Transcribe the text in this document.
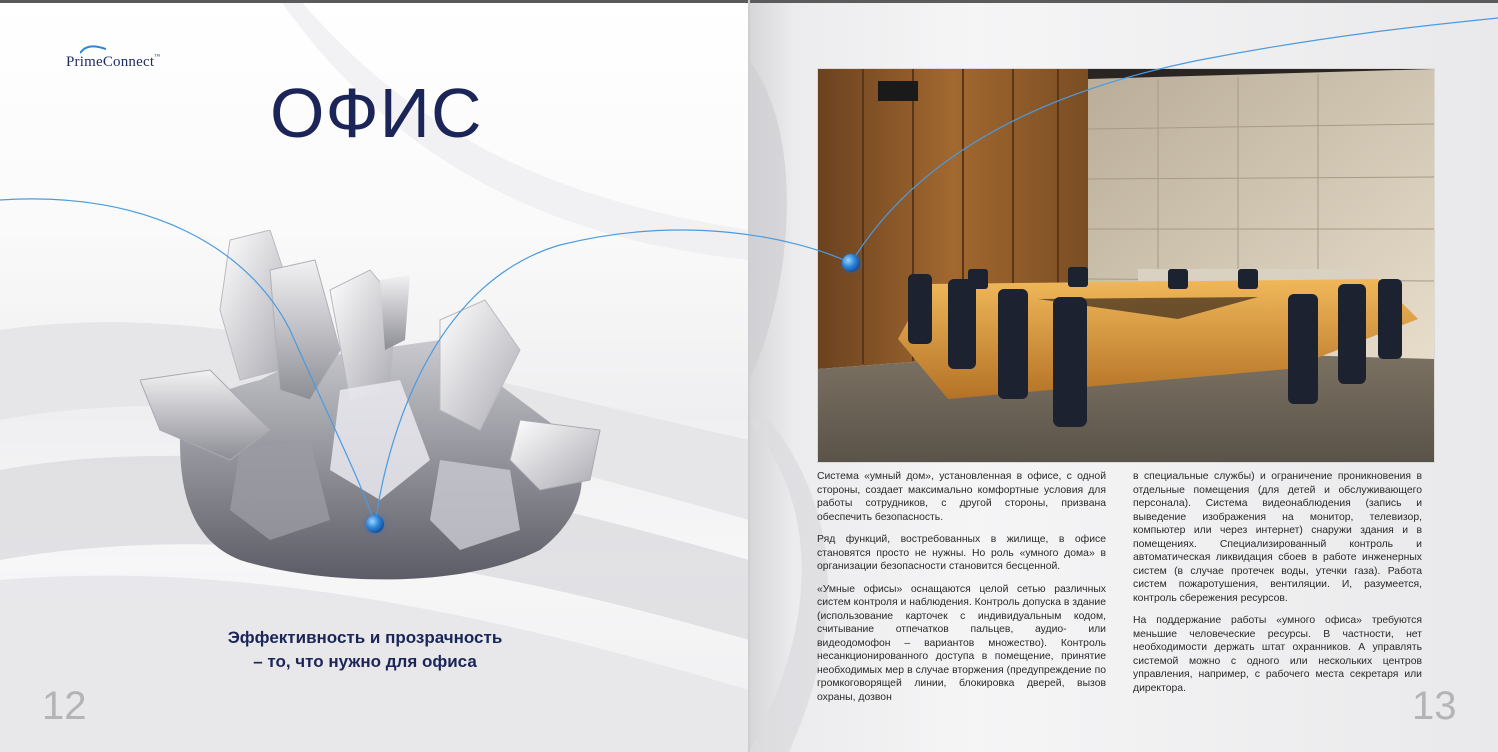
PrimeConnect™
ОФИС
Эффективность и прозрачность
– то, что нужно для офиса
12

Система «умный дом», установленная в офисе, с одной стороны, создает максимально комфортные условия для работы сотрудников, с другой стороны, призвана обеспечить безопасность.

Ряд функций, востребованных в жилище, в офисе становятся просто не нужны. Но роль «умного дома» в организации безопасности становится бесценной.

«Умные офисы» оснащаются целой сетью различных систем контроля и наблюдения. Контроль допуска в здание (использование карточек с индивидуальным кодом, считывание отпечатков пальцев, аудио- или видеодомофон – вариантов множество). Контроль несанкционированного доступа в помещение, принятие необходимых мер в случае вторжения (предупреждение по громкоговорящей линии, блокировка дверей, вызов охраны, дозвон

в специальные службы) и ограничение проникновения в отдельные помещения (для детей и обслуживающего персонала). Система видеонаблюдения (запись и выведение изображения на монитор, телевизор, компьютер или через интернет) снаружи здания и в помещениях. Специализированный контроль и автоматическая ликвидация сбоев в работе инженерных систем (в случае протечек воды, утечки газа). Работа систем пожаротушения, вентиляции. И, разумеется, контроль сбережения ресурсов.

На поддержание работы «умного офиса» требуются меньшие человеческие ресурсы. В частности, нет необходимости держать штат охранников. А управлять системой можно с одного или нескольких центров управления, например, с рабочего места секретаря или директора.	13
